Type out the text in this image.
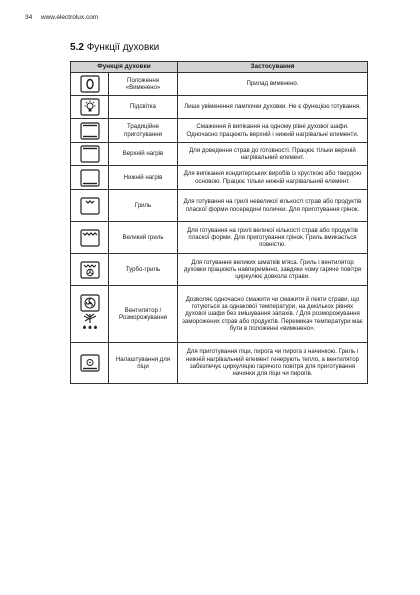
34 www.electrolux.com
5.2 Функції духовки
Функція духовки		Застосування

	Положення «Вимкнено»	Прилад вимкнено.

	Підсвітка	Лише увімкнення лампочки духовки. Не є функцією готування.

	Традиційне приготування	Смаження й випікання на одному рівні духової шафи. Одночасно працюють верхній і нижній нагрівальні елементи.

	Верхній нагрів	Для доведення страв до готовності. Працює тільки верхній нагрівальний елемент.

	Нижній нагрів	Для випікання кондитерських виробів із хрусткою або твердою основою. Працює тільки нижній нагрівальний елемент.

	Гриль	Для готування на грилі невеликої кількості страв або продуктів пласкої форми посередині полички. Для приготування грінок.

	Великий гриль	Для готування на грилі великої кількості страв або продуктів пласкої форми. Для приготування грінок. Гриль вмикається повністю.

	Турбо-гриль	Для готування великих шматків м'яса. Гриль і вентилятор духовки працюють навперемінно, завдяки чому гаряче повітря циркулює довкола страви.

	Вентилятор / Розморожування	Дозволяє одночасно смажити чи смажити й пекти страви, що готуються за однакової температури, на декількох рівнях духової шафи без змішування запахів. / Для розморожування заморожених страв або продуктів. Перемикач температури має бути в положенні «вимкнено».

	Налаштування для піци	Для приготування піци, пирога чи пирога з начинкою. Гриль і нижній нагрівальний елемент генерують тепло, а вентилятор забезпечує циркуляцію гарячого повітря для приготування начинки для піци чи пирогів.
